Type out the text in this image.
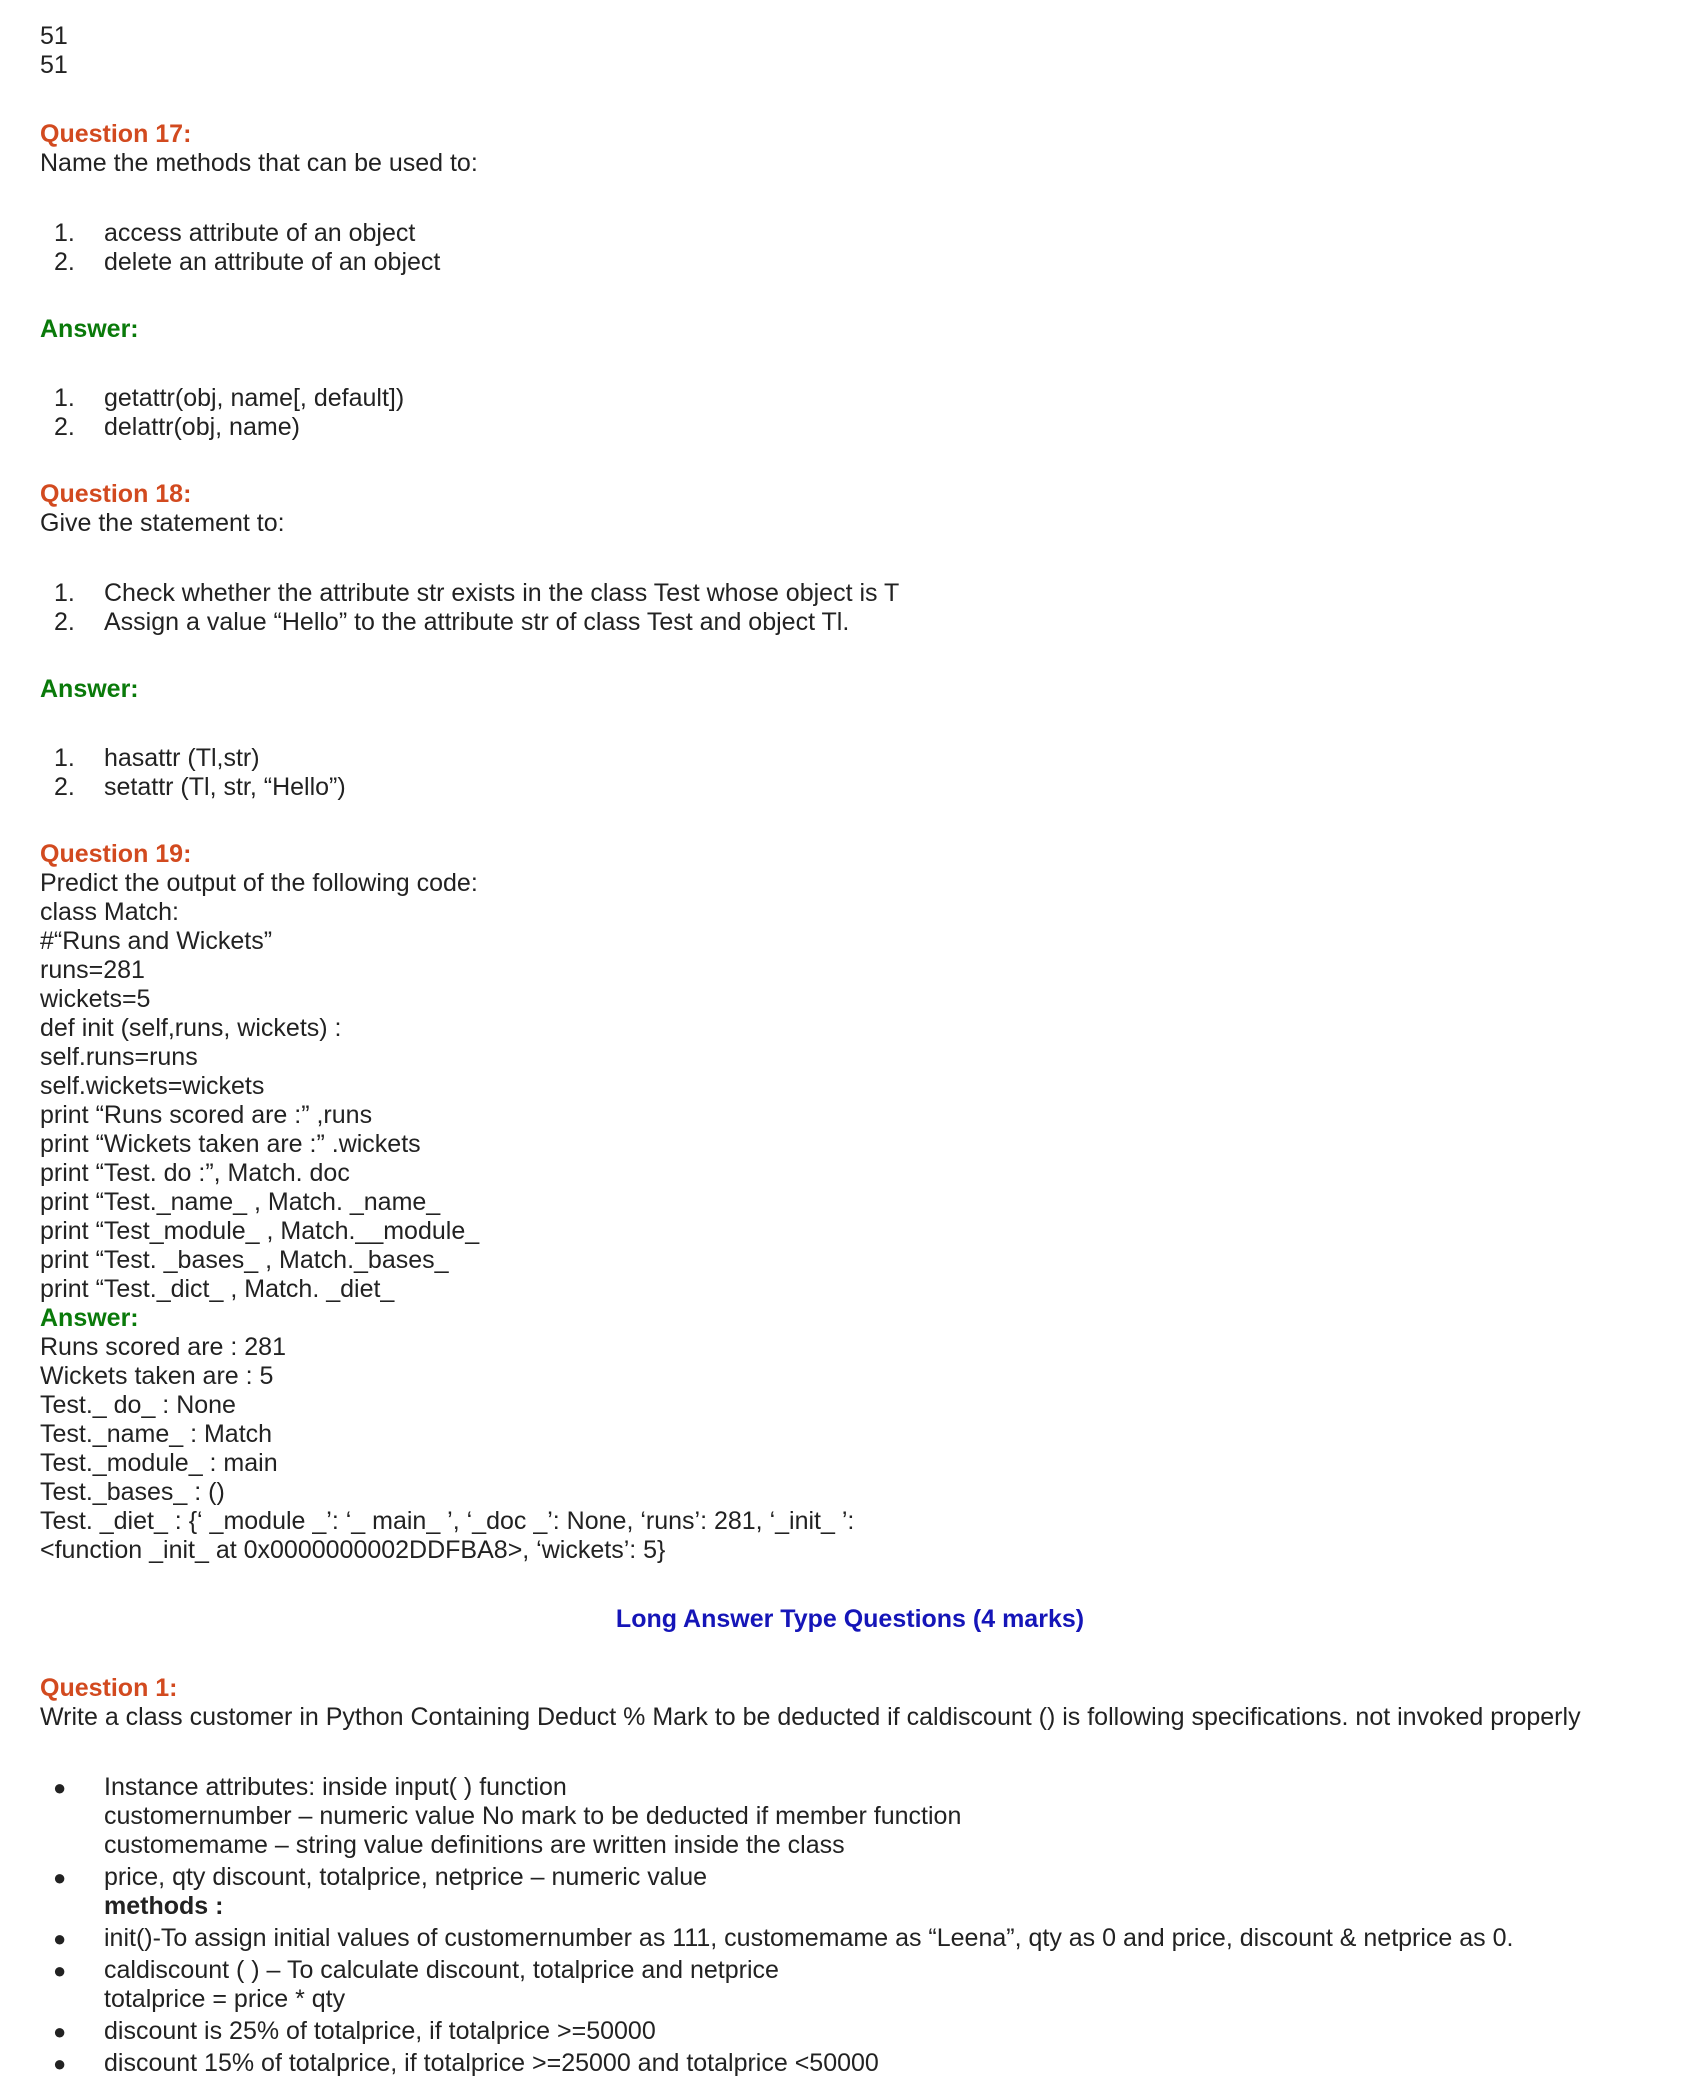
51
51
Question 17:
Name the methods that can be used to:
1. access attribute of an object
2. delete an attribute of an object
Answer:
1. getattr(obj, name[, default])
2. delattr(obj, name)
Question 18:
Give the statement to:
1. Check whether the attribute str exists in the class Test whose object is T
2. Assign a value “Hello” to the attribute str of class Test and object Tl.
Answer:
1. hasattr (Tl,str)
2. setattr (Tl, str, “Hello”)
Question 19:
Predict the output of the following code:
class Match:
#“Runs and Wickets”
runs=281
wickets=5
def init (self,runs, wickets) :
self.runs=runs
self.wickets=wickets
print “Runs scored are :” ,runs
print “Wickets taken are :” .wickets
print “Test. do :”, Match. doc
print “Test._name_ , Match. _name_
print “Test_module_ , Match.__module_
print “Test. _bases_ , Match._bases_
print “Test._dict_ , Match. _diet_
Answer:
Runs scored are : 281
Wickets taken are : 5
Test._ do_ : None
Test._name_ : Match
Test._module_ : main
Test._bases_ : ()
Test. _diet_ : {‘ _module _’: ‘_ main_ ’, ‘_doc _’: None, ‘runs’: 281, ‘_init_ ’:
<function _init_ at 0x0000000002DDFBA8>, ‘wickets’: 5}
Long Answer Type Questions (4 marks)
Question 1:
Write a class customer in Python Containing Deduct % Mark to be deducted if caldiscount () is following specifications. not invoked properly
● Instance attributes: inside input( ) function
customernumber – numeric value No mark to be deducted if member function
customemame – string value definitions are written inside the class
● price, qty discount, totalprice, netprice – numeric value
methods :
● init()-To assign initial values of customernumber as 111, customemame as “Leena”, qty as 0 and price, discount & netprice as 0.
● caldiscount ( ) – To calculate discount, totalprice and netprice
totalprice = price * qty
● discount is 25% of totalprice, if totalprice >=50000
● discount 15% of totalprice, if totalprice >=25000 and totalprice <50000
